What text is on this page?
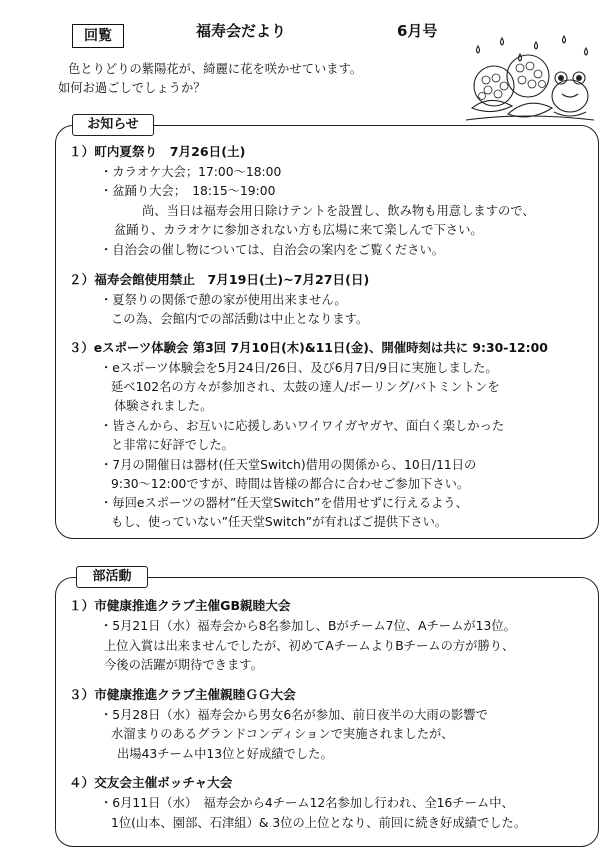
回覧	福寿会だより	6月号
色とりどりの紫陽花が、綺麗に花を咲かせています。
如何お過ごしでしょうか？
お知らせ
１）町内夏祭り　7月26日(土)
・カラオケ大会；17:00～18:00
・盆踊り大会；　18:15～19:00
尚、当日は福寿会用日除けテントを設置し、飲み物も用意しますので、
盆踊り、カラオケに参加されない方も広場に来て楽しんで下さい。
・自治会の催し物については、自治会の案内をご覧ください。
２）福寿会館使用禁止　7月19日(土)~7月27日(日)
・夏祭りの関係で憩の家が使用出来ません。
この為、会館内での部活動は中止となります。
３）eスポーツ体験会 第3回 7月10日(木)&11日(金)、開催時刻は共に 9:30-12:00
・eスポーツ体験会を5月24日/26日、及び6月7日/9日に実施しました。
延べ102名の方々が参加され、太鼓の達人/ボーリング/バトミントンを
体験されました。
・皆さんから、お互いに応援しあいワイワイガヤガヤ、面白く楽しかった
と非常に好評でした。
・7月の開催日は器材(任天堂Switch)借用の関係から、10日/11日の
9:30～12:00ですが、時間は皆様の都合に合わせご参加下さい。
・毎回eスポーツの器材”任天堂Switch”を借用せずに行えるよう、
もし、使っていない”任天堂Switch”が有ればご提供下さい。
部活動
１）市健康推進クラブ主催GB親睦大会
・5月21日（水）福寿会から8名参加し、Bがチーム7位、Aチームが13位。
上位入賞は出来ませんでしたが、初めてAチームよりBチームの方が勝り、
今後の活躍が期待できます。
３）市健康推進クラブ主催親睦ＧＧ大会
・5月28日（水）福寿会から男女6名が参加、前日夜半の大雨の影響で
水溜まりのあるグランドコンディションで実施されましたが、
出場43チーム中13位と好成績でした。
４）交友会主催ボッチャ大会
・6月11日（水）　福寿会から4チーム12名参加し行われ、全16チーム中、
1位(山本、園部、石津組）& 3位の上位となり、前回に続き好成績でした。
